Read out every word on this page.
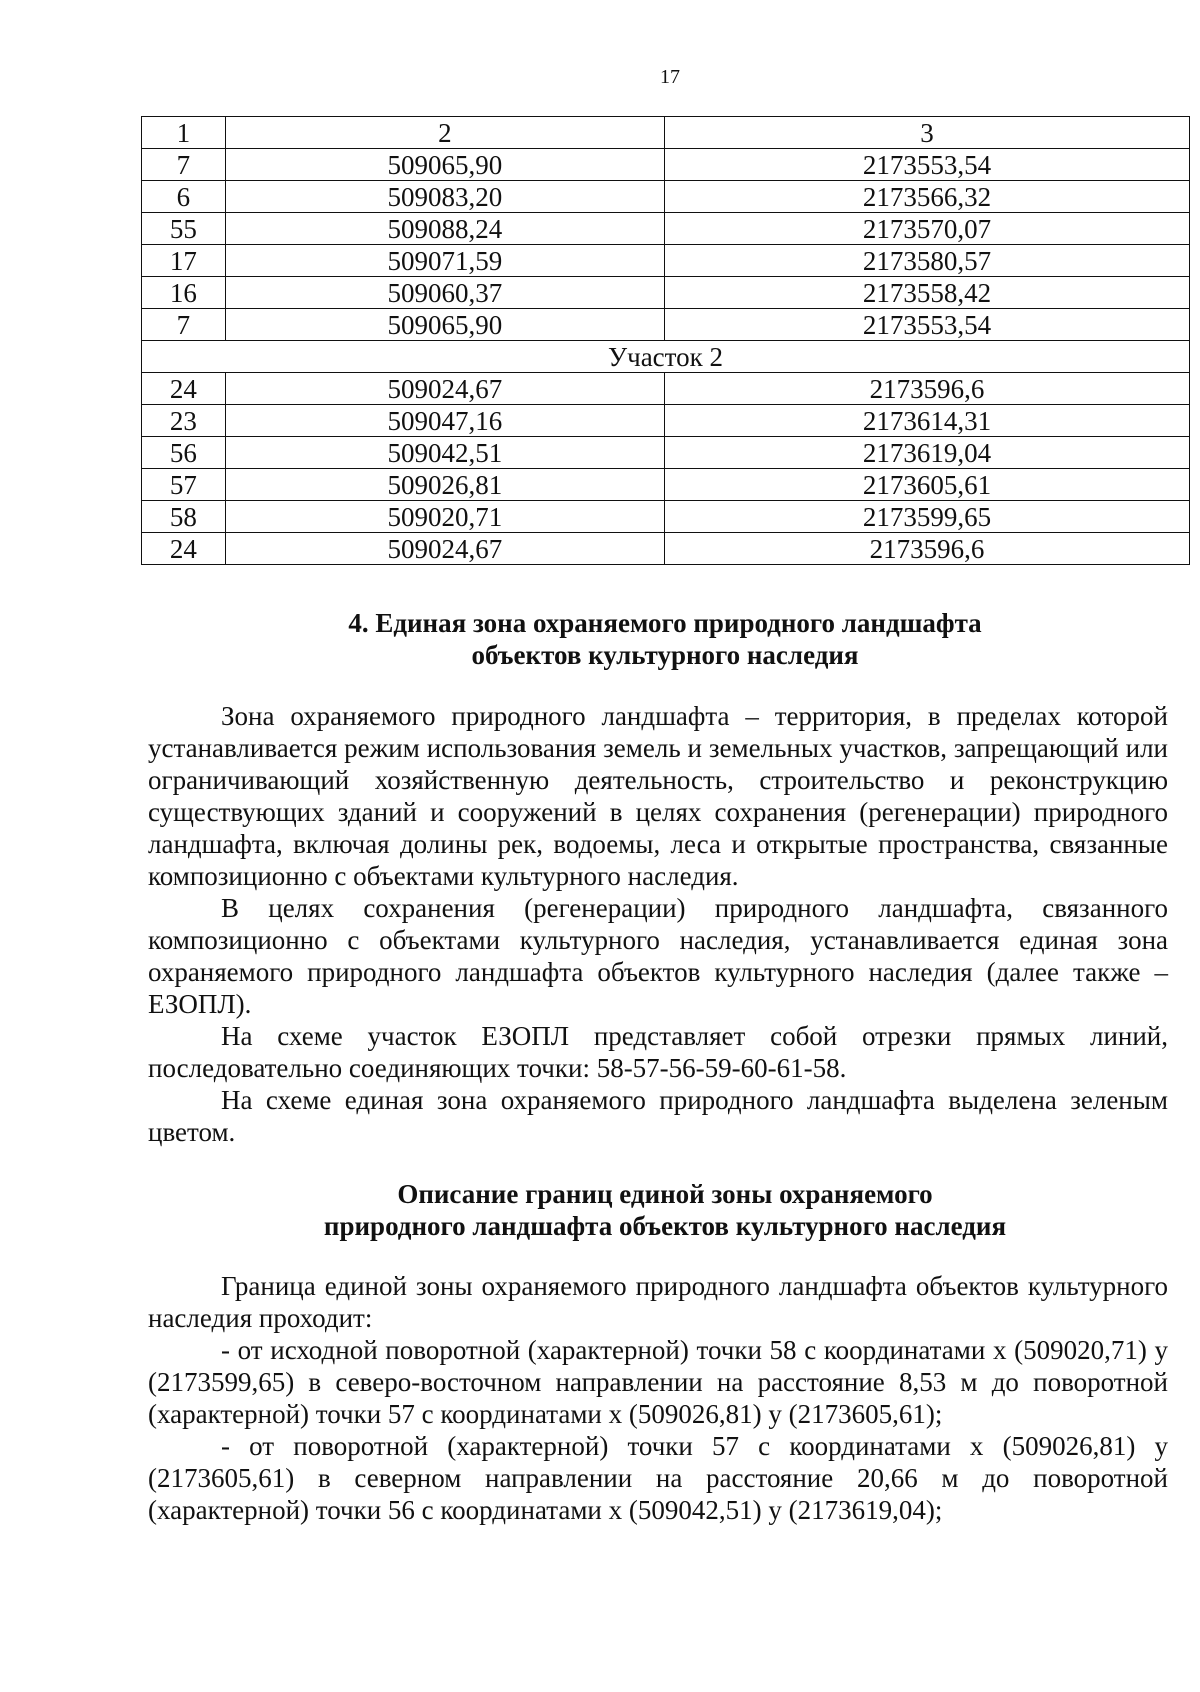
17
1	2	3
7	509065,90	2173553,54
6	509083,20	2173566,32
55	509088,24	2173570,07
17	509071,59	2173580,57
16	509060,37	2173558,42
7	509065,90	2173553,54
Участок 2		
24	509024,67	2173596,6
23	509047,16	2173614,31
56	509042,51	2173619,04
57	509026,81	2173605,61
58	509020,71	2173599,65
24	509024,67	2173596,6
4. Единая зона охраняемого природного ландшафта
объектов культурного наследия
Зона охраняемого природного ландшафта – территория, в пределах которой устанавливается режим использования земель и земельных участков, запрещающий или ограничивающий хозяйственную деятельность, строительство и реконструкцию существующих зданий и сооружений в целях сохранения (регенерации) природного ландшафта, включая долины рек, водоемы, леса и открытые пространства, связанные композиционно с объектами культурного наследия.
В целях сохранения (регенерации) природного ландшафта, связанного композиционно с объектами культурного наследия, устанавливается единая зона охраняемого природного ландшафта объектов культурного наследия (далее также – ЕЗОПЛ).
На схеме участок ЕЗОПЛ представляет собой отрезки прямых линий, последовательно соединяющих точки: 58-57-56-59-60-61-58.
На схеме единая зона охраняемого природного ландшафта выделена зеленым цветом.
Описание границ единой зоны охраняемого
природного ландшафта объектов культурного наследия
Граница единой зоны охраняемого природного ландшафта объектов культурного наследия проходит:
- от исходной поворотной (характерной) точки 58 с координатами х (509020,71) у (2173599,65) в северо-восточном направлении на расстояние 8,53 м до поворотной (характерной) точки 57 с координатами х (509026,81) у (2173605,61);
- от поворотной (характерной) точки 57 с координатами х (509026,81) у (2173605,61) в северном направлении на расстояние 20,66 м до поворотной (характерной) точки 56 с координатами х (509042,51) у (2173619,04);
